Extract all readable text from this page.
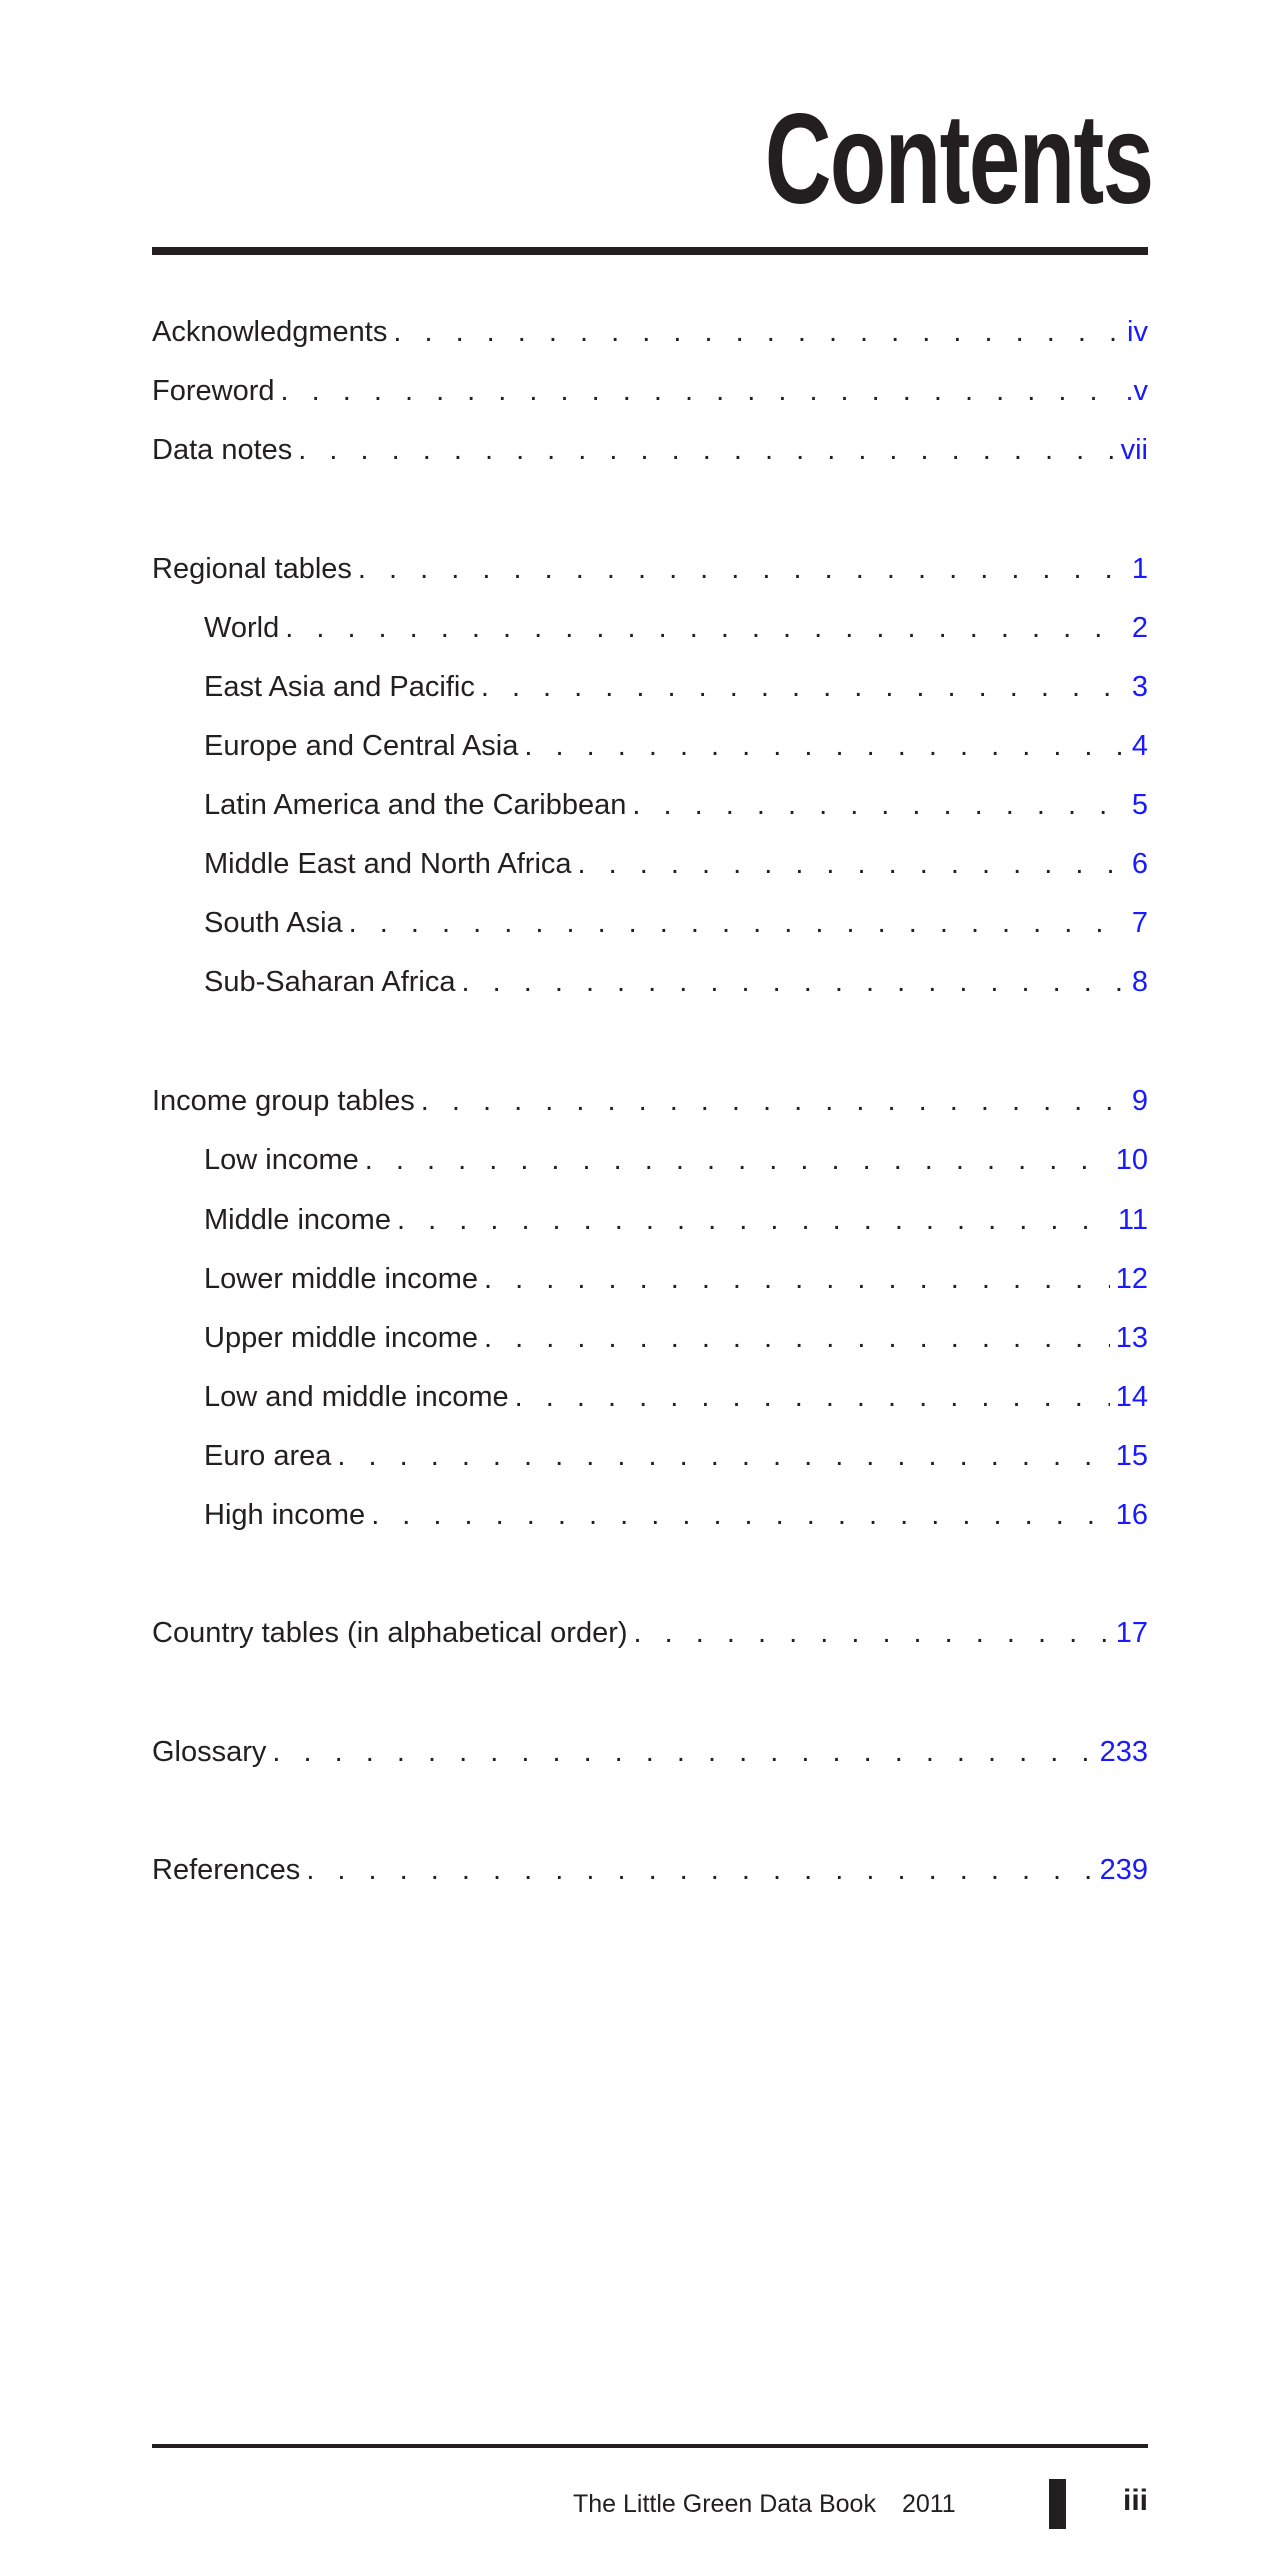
Contents
Acknowledgments . . .	iv
Foreword . . .	.v
Data notes . . .	vii
Regional tables . . .	1
World . . .	2
East Asia and Pacific . . .	3
Europe and Central Asia . . .	4
Latin America and the Caribbean . . .	5
Middle East and North Africa . . .	6
South Asia . . .	7
Sub-Saharan Africa . . .	8
Income group tables . . .	9
Low income . . .	10
Middle income . . .	11
Lower middle income . . .	12
Upper middle income . . .	13
Low and middle income . . .	14
Euro area . . .	15
High income . . .	16
Country tables (in alphabetical order) . . .	17
Glossary . . .	233
References . . .	239
The Little Green Data Book 2011	iii
